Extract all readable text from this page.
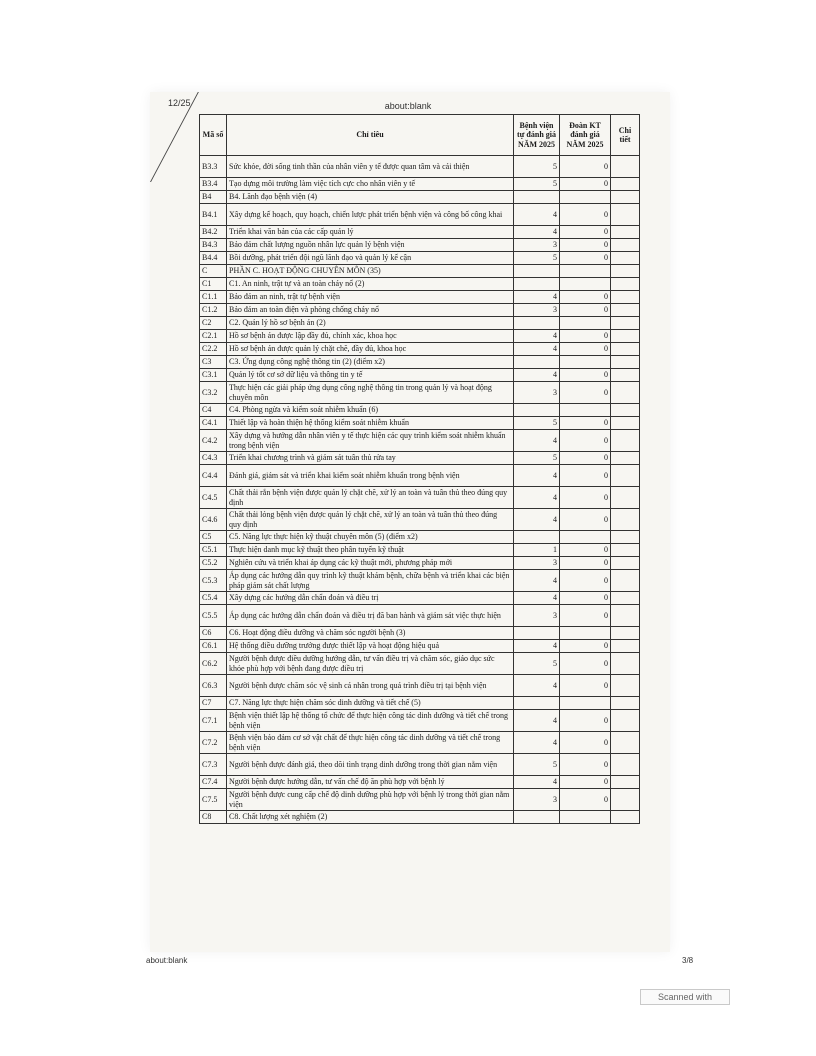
12/25	about:blank
Mã số	Chỉ tiêu	Bệnh viện tự đánh giá NĂM 2025	Đoàn KT đánh giá NĂM 2025	Chi tiết
B3.3	Sức khỏe, đời sống tinh thần của nhân viên y tế được quan tâm và cải thiện	5	0	
B3.4	Tạo dựng môi trường làm việc tích cực cho nhân viên y tế	5	0	
B4	B4. Lãnh đạo bệnh viện (4)			
B4.1	Xây dựng kế hoạch, quy hoạch, chiến lược phát triển bệnh viện và công bố công khai	4	0	
B4.2	Triển khai văn bản của các cấp quản lý	4	0	
B4.3	Bảo đảm chất lượng nguồn nhân lực quản lý bệnh viện	3	0	
B4.4	Bồi dưỡng, phát triển đội ngũ lãnh đạo và quản lý kế cận	5	0	
C	PHẦN C. HOẠT ĐỘNG CHUYÊN MÔN (35)			
C1	C1. An ninh, trật tự và an toàn cháy nổ (2)			
C1.1	Bảo đảm an ninh, trật tự bệnh viện	4	0	
C1.2	Bảo đảm an toàn điện và phòng chống cháy nổ	3	0	
C2	C2. Quản lý hồ sơ bệnh án (2)			
C2.1	Hồ sơ bệnh án được lập đầy đủ, chính xác, khoa học	4	0	
C2.2	Hồ sơ bệnh án được quản lý chặt chẽ, đầy đủ, khoa học	4	0	
C3	C3. Ứng dụng công nghệ thông tin (2) (điểm x2)			
C3.1	Quản lý tốt cơ sở dữ liệu và thông tin y tế	4	0	
C3.2	Thực hiện các giải pháp ứng dụng công nghệ thông tin trong quản lý và hoạt động chuyên môn	3	0	
C4	C4. Phòng ngừa và kiểm soát nhiễm khuẩn (6)			
C4.1	Thiết lập và hoàn thiện hệ thống kiểm soát nhiễm khuẩn	5	0	
C4.2	Xây dựng và hướng dẫn nhân viên y tế thực hiện các quy trình kiểm soát nhiễm khuẩn trong bệnh viện	4	0	
C4.3	Triển khai chương trình và giám sát tuân thủ rửa tay	5	0	
C4.4	Đánh giá, giám sát và triển khai kiểm soát nhiễm khuẩn trong bệnh viện	4	0	
C4.5	Chất thải rắn bệnh viện được quản lý chặt chẽ, xử lý an toàn và tuân thủ theo đúng quy định	4	0	
C4.6	Chất thải lỏng bệnh viện được quản lý chặt chẽ, xử lý an toàn và tuân thủ theo đúng quy định	4	0	
C5	C5. Năng lực thực hiện kỹ thuật chuyên môn (5) (điểm x2)			
C5.1	Thực hiện danh mục kỹ thuật theo phân tuyến kỹ thuật	1	0	
C5.2	Nghiên cứu và triển khai áp dụng các kỹ thuật mới, phương pháp mới	3	0	
C5.3	Áp dụng các hướng dẫn quy trình kỹ thuật khám bệnh, chữa bệnh và triển khai các biện pháp giám sát chất lượng	4	0	
C5.4	Xây dựng các hướng dẫn chẩn đoán và điều trị	4	0	
C5.5	Áp dụng các hướng dẫn chẩn đoán và điều trị đã ban hành và giám sát việc thực hiện	3	0	
C6	C6. Hoạt động điều dưỡng và chăm sóc người bệnh (3)			
C6.1	Hệ thống điều dưỡng trưởng được thiết lập và hoạt động hiệu quả	4	0	
C6.2	Người bệnh được điều dưỡng hướng dẫn, tư vấn điều trị và chăm sóc, giáo dục sức khỏe phù hợp với bệnh đang được điều trị	5	0	
C6.3	Người bệnh được chăm sóc vệ sinh cá nhân trong quá trình điều trị tại bệnh viện	4	0	
C7	C7. Năng lực thực hiện chăm sóc dinh dưỡng và tiết chế (5)			
C7.1	Bệnh viện thiết lập hệ thống tổ chức để thực hiện công tác dinh dưỡng và tiết chế trong bệnh viện	4	0	
C7.2	Bệnh viện bảo đảm cơ sở vật chất để thực hiện công tác dinh dưỡng và tiết chế trong bệnh viện	4	0	
C7.3	Người bệnh được đánh giá, theo dõi tình trạng dinh dưỡng trong thời gian nằm viện	5	0	
C7.4	Người bệnh được hướng dẫn, tư vấn chế độ ăn phù hợp với bệnh lý	4	0	
C7.5	Người bệnh được cung cấp chế độ dinh dưỡng phù hợp với bệnh lý trong thời gian nằm viện	3	0	
C8	C8. Chất lượng xét nghiệm (2)			
about:blank	3/8
Scanned with
